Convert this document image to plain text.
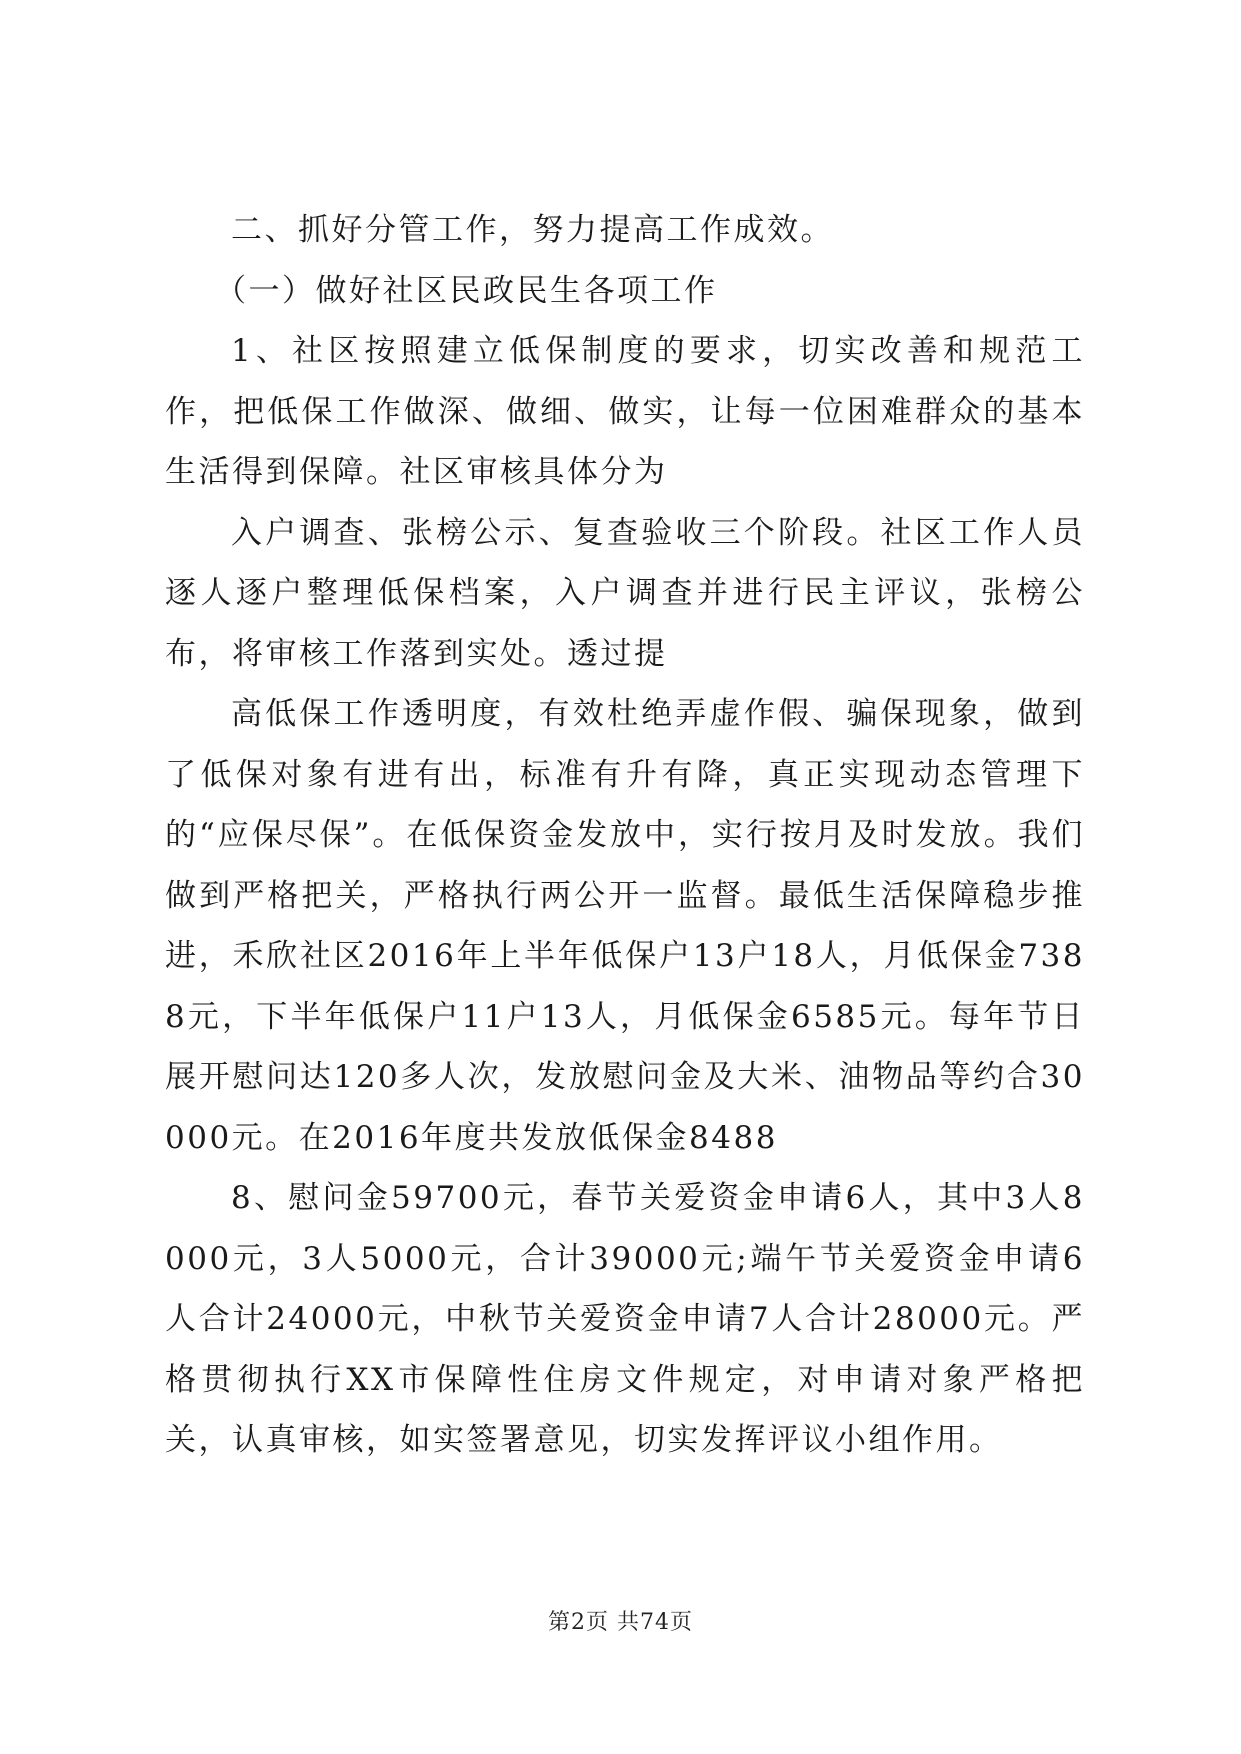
二、抓好分管工作，努力提高工作成效。

（一）做好社区民政民生各项工作

1、社区按照建立低保制度的要求，切实改善和规范工作，把低保工作做深、做细、做实，让每一位困难群众的基本生活得到保障。社区审核具体分为

入户调查、张榜公示、复查验收三个阶段。社区工作人员逐人逐户整理低保档案，入户调查并进行民主评议，张榜公布，将审核工作落到实处。透过提

高低保工作透明度，有效杜绝弄虚作假、骗保现象，做到了低保对象有进有出，标准有升有降，真正实现动态管理下的“应保尽保”。在低保资金发放中，实行按月及时发放。我们做到严格把关，严格执行两公开一监督。最低生活保障稳步推进，禾欣社区2016年上半年低保户13户18人，月低保金7388元，下半年低保户11户13人，月低保金6585元。每年节日展开慰问达120多人次，发放慰问金及大米、油物品等约合30000元。在2016年度共发放低保金8488

8、慰问金59700元，春节关爱资金申请6人，其中3人8000元，3人5000元，合计39000元;端午节关爱资金申请6人合计24000元，中秋节关爱资金申请7人合计28000元。严格贯彻执行XX市保障性住房文件规定，对申请对象严格把关，认真审核，如实签署意见，切实发挥评议小组作用。

第2页 共74页
